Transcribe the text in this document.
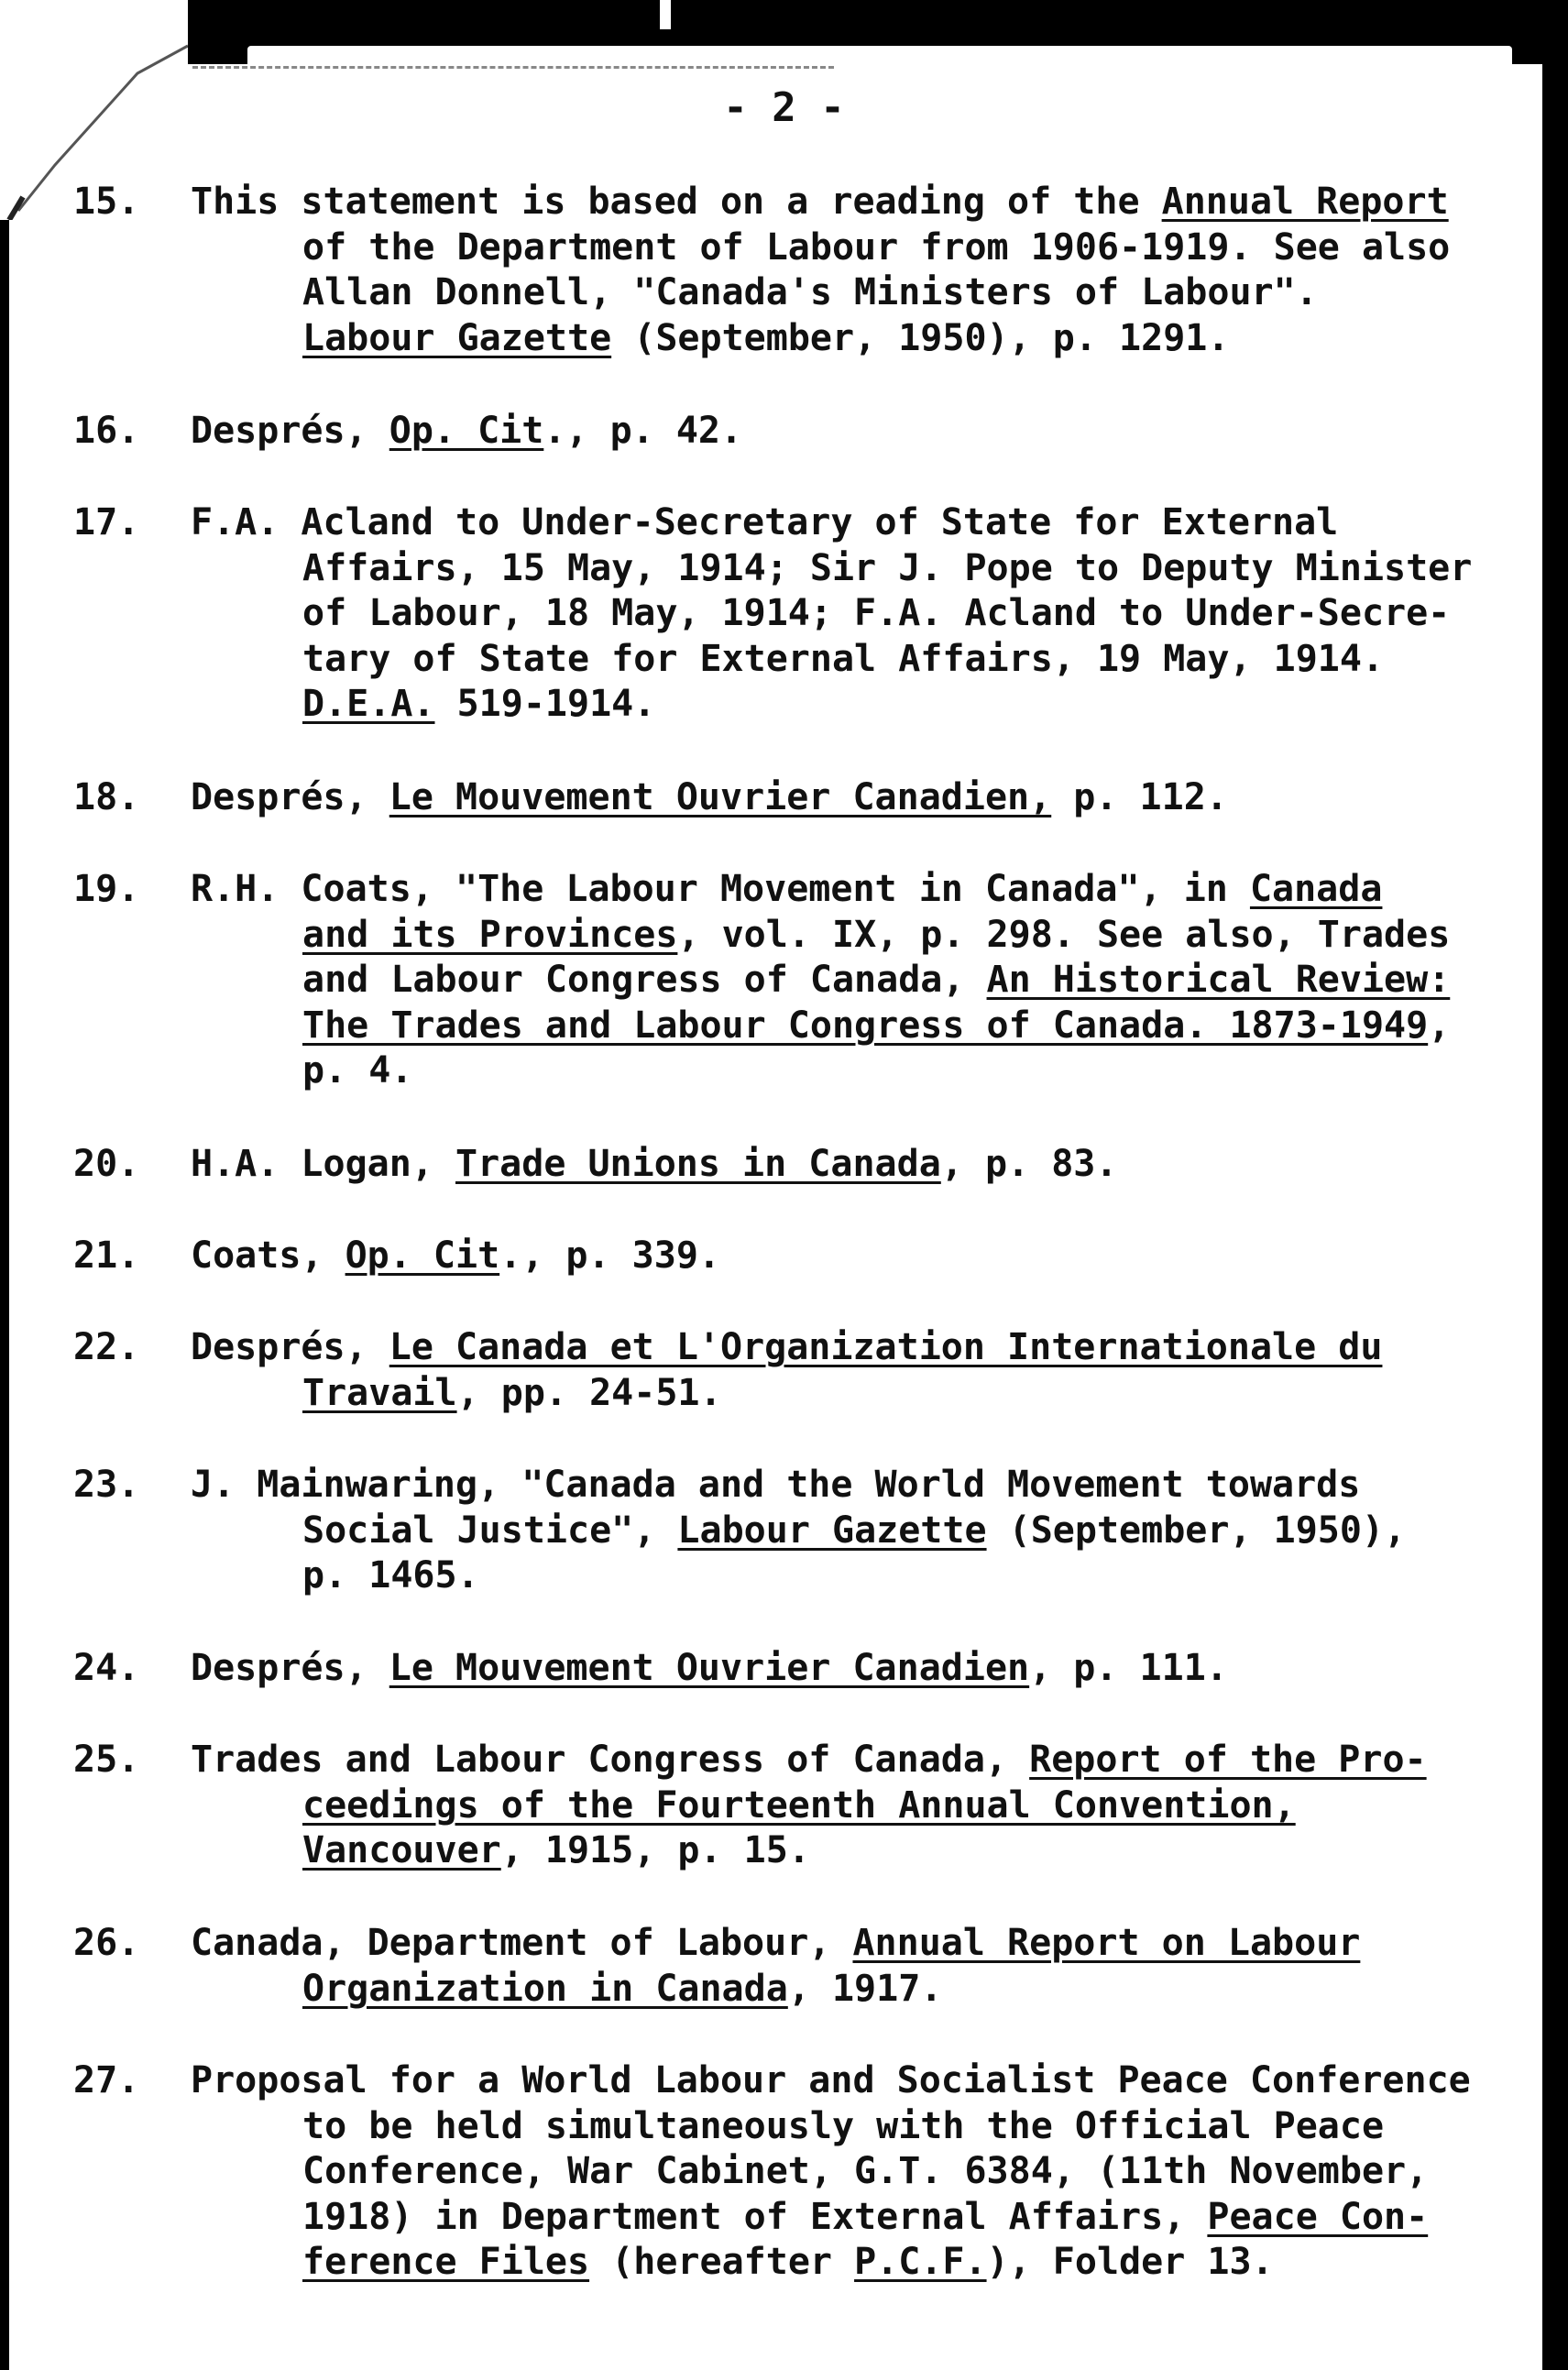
- 2 -
15. This statement is based on a reading of the Annual Report
of the Department of Labour from 1906-1919. See also
Allan Donnell, "Canada's Ministers of Labour".
Labour Gazette (September, 1950), p. 1291.
16. Després, Op. Cit., p. 42.
17. F.A. Acland to Under-Secretary of State for External
Affairs, 15 May, 1914; Sir J. Pope to Deputy Minister
of Labour, 18 May, 1914; F.A. Acland to Under-Secre-
tary of State for External Affairs, 19 May, 1914.
D.E.A. 519-1914.
18. Després, Le Mouvement Ouvrier Canadien, p. 112.
19. R.H. Coats, "The Labour Movement in Canada", in Canada
and its Provinces, vol. IX, p. 298. See also, Trades
and Labour Congress of Canada, An Historical Review:
The Trades and Labour Congress of Canada. 1873-1949,
p. 4.
20. H.A. Logan, Trade Unions in Canada, p. 83.
21. Coats, Op. Cit., p. 339.
22. Després, Le Canada et L'Organization Internationale du
Travail, pp. 24-51.
23. J. Mainwaring, "Canada and the World Movement towards
Social Justice", Labour Gazette (September, 1950),
p. 1465.
24. Després, Le Mouvement Ouvrier Canadien, p. 111.
25. Trades and Labour Congress of Canada, Report of the Pro-
ceedings of the Fourteenth Annual Convention,
Vancouver, 1915, p. 15.
26. Canada, Department of Labour, Annual Report on Labour
Organization in Canada, 1917.
27. Proposal for a World Labour and Socialist Peace Conference
to be held simultaneously with the Official Peace
Conference, War Cabinet, G.T. 6384, (11th November,
1918) in Department of External Affairs, Peace Con-
ference Files (hereafter P.C.F.), Folder 13.
